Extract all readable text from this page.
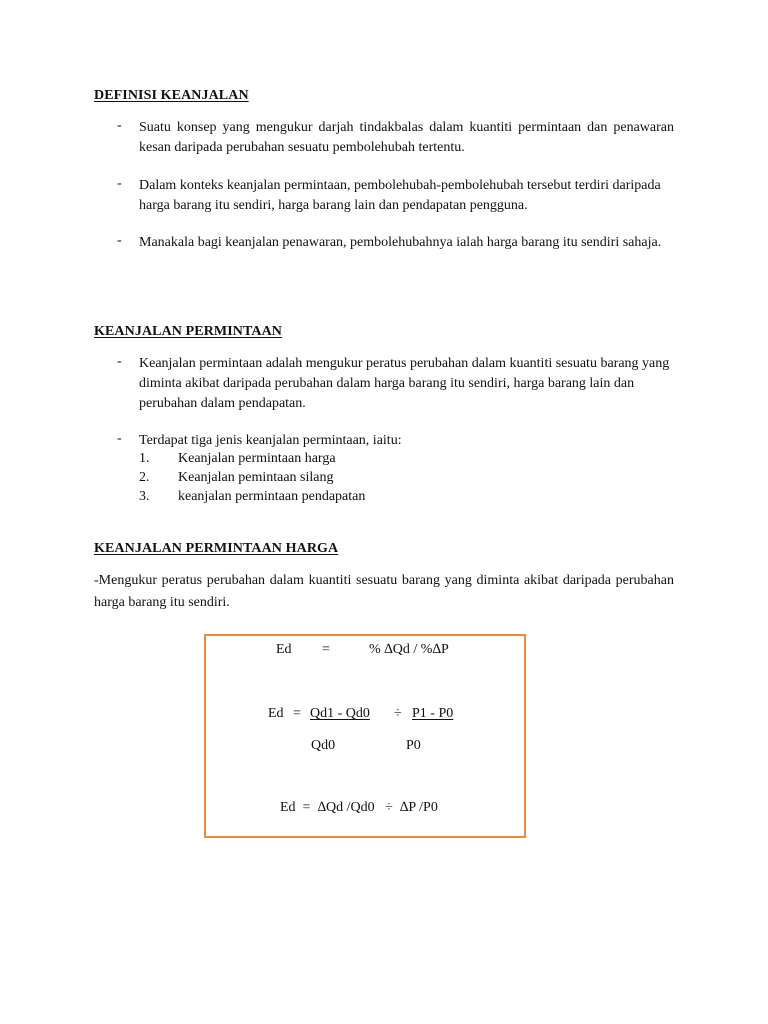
DEFINISI KEANJALAN
- Suatu konsep yang mengukur darjah tindakbalas dalam kuantiti permintaan dan penawaran kesan daripada perubahan sesuatu pembolehubah tertentu.
- Dalam konteks keanjalan permintaan, pembolehubah-pembolehubah tersebut terdiri daripada harga barang itu sendiri, harga barang lain dan pendapatan pengguna.
- Manakala bagi keanjalan penawaran, pembolehubahnya ialah harga barang itu sendiri sahaja.
KEANJALAN PERMINTAAN
- Keanjalan permintaan adalah mengukur peratus perubahan dalam kuantiti sesuatu barang yang diminta akibat daripada perubahan dalam harga barang itu sendiri, harga barang lain dan perubahan dalam pendapatan.
- Terdapat tiga jenis keanjalan permintaan, iaitu:
1. Keanjalan permintaan harga
2. Keanjalan pemintaan silang
3. keanjalan permintaan pendapatan
KEANJALAN PERMINTAAN HARGA
-Mengukur peratus perubahan dalam kuantiti sesuatu barang yang diminta akibat daripada perubahan harga barang itu sendiri.
Ed =	% ∆Qd / %∆P
Ed = Qd1 - Qd0 ÷ P1 - P0
Qd0	P0
Ed  =  ∆Qd /Qd0   ÷  ∆P /P0
